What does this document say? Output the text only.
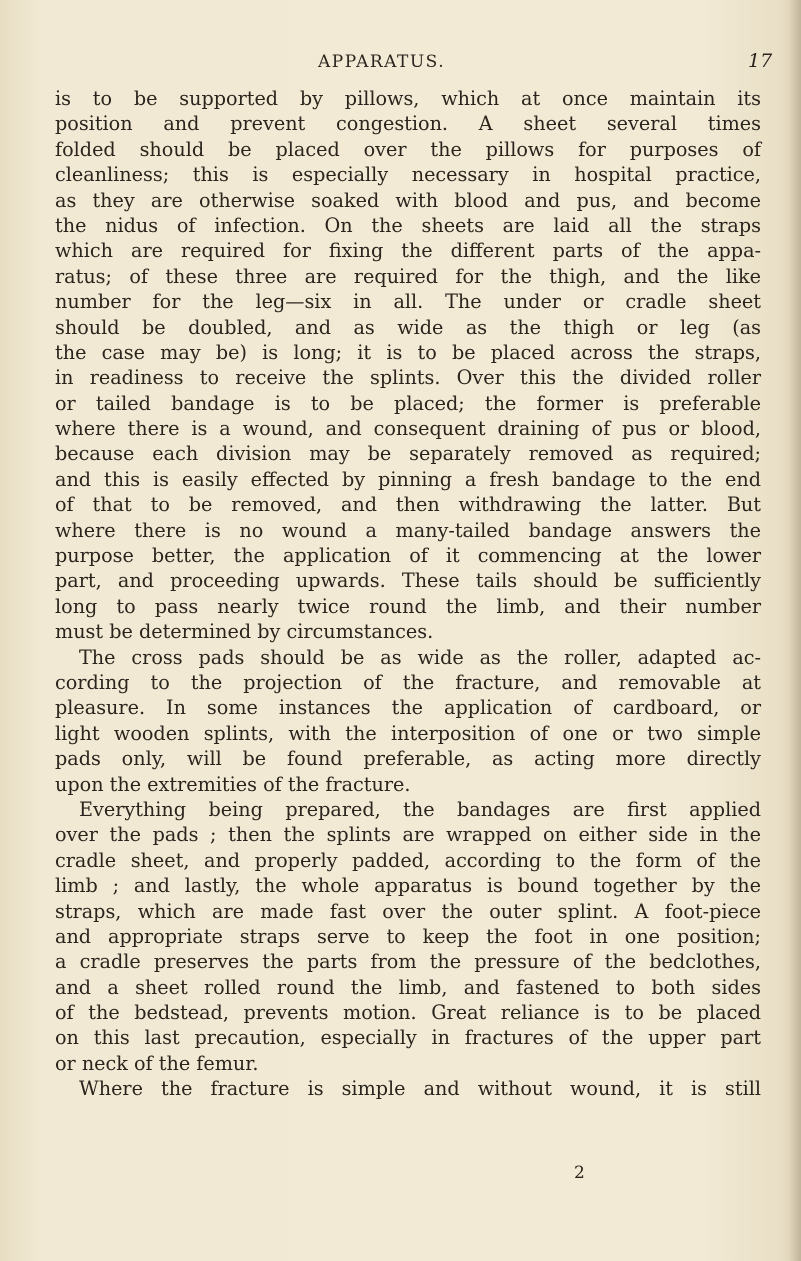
APPARATUS.	17
is to be supported by pillows, which at once maintain its
position and prevent congestion. A sheet several times
folded should be placed over the pillows for purposes of
cleanliness; this is especially necessary in hospital practice,
as they are otherwise soaked with blood and pus, and become
the nidus of infection. On the sheets are laid all the straps
which are required for fixing the different parts of the appa-
ratus; of these three are required for the thigh, and the like
number for the leg—six in all. The under or cradle sheet
should be doubled, and as wide as the thigh or leg (as
the case may be) is long; it is to be placed across the straps,
in readiness to receive the splints. Over this the divided roller
or tailed bandage is to be placed; the former is preferable
where there is a wound, and consequent draining of pus or blood,
because each division may be separately removed as required;
and this is easily effected by pinning a fresh bandage to the end
of that to be removed, and then withdrawing the latter. But
where there is no wound a many-tailed bandage answers the
purpose better, the application of it commencing at the lower
part, and proceeding upwards. These tails should be sufficiently
long to pass nearly twice round the limb, and their number
must be determined by circumstances.
The cross pads should be as wide as the roller, adapted ac-
cording to the projection of the fracture, and removable at
pleasure. In some instances the application of cardboard, or
light wooden splints, with the interposition of one or two simple
pads only, will be found preferable, as acting more directly
upon the extremities of the fracture.
Everything being prepared, the bandages are first applied
over the pads ; then the splints are wrapped on either side in the
cradle sheet, and properly padded, according to the form of the
limb ; and lastly, the whole apparatus is bound together by the
straps, which are made fast over the outer splint. A foot-piece
and appropriate straps serve to keep the foot in one position;
a cradle preserves the parts from the pressure of the bedclothes,
and a sheet rolled round the limb, and fastened to both sides
of the bedstead, prevents motion. Great reliance is to be placed
on this last precaution, especially in fractures of the upper part
or neck of the femur.
Where the fracture is simple and without wound, it is still
2
